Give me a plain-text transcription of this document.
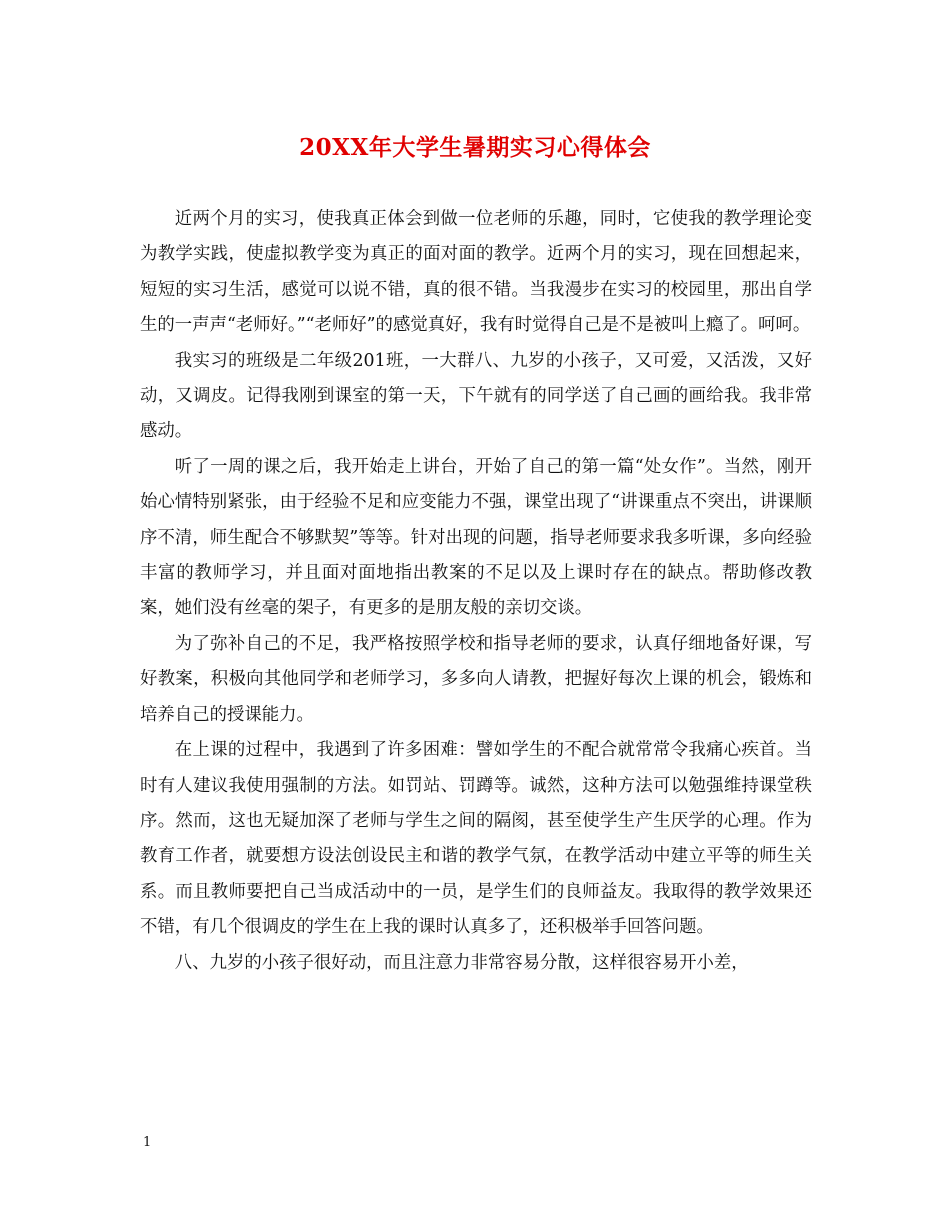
20XX年大学生暑期实习心得体会

近两个月的实习，使我真正体会到做一位老师的乐趣，同时，它使我的教学理论变为教学实践，使虚拟教学变为真正的面对面的教学。近两个月的实习，现在回想起来，短短的实习生活，感觉可以说不错，真的很不错。当我漫步在实习的校园里，那出自学生的一声声“老师好。”“老师好”的感觉真好，我有时觉得自己是不是被叫上瘾了。呵呵。

我实习的班级是二年级201班，一大群八、九岁的小孩子，又可爱，又活泼，又好动，又调皮。记得我刚到课室的第一天，下午就有的同学送了自己画的画给我。我非常感动。

听了一周的课之后，我开始走上讲台，开始了自己的第一篇“处女作”。当然，刚开始心情特别紧张，由于经验不足和应变能力不强，课堂出现了“讲课重点不突出，讲课顺序不清，师生配合不够默契”等等。针对出现的问题，指导老师要求我多听课，多向经验丰富的教师学习，并且面对面地指出教案的不足以及上课时存在的缺点。帮助修改教案，她们没有丝毫的架子，有更多的是朋友般的亲切交谈。

为了弥补自己的不足，我严格按照学校和指导老师的要求，认真仔细地备好课，写好教案，积极向其他同学和老师学习，多多向人请教，把握好每次上课的机会，锻炼和培养自己的授课能力。

在上课的过程中，我遇到了许多困难：譬如学生的不配合就常常令我痛心疾首。当时有人建议我使用强制的方法。如罚站、罚蹲等。诚然，这种方法可以勉强维持课堂秩序。然而，这也无疑加深了老师与学生之间的隔阂，甚至使学生产生厌学的心理。作为教育工作者，就要想方设法创设民主和谐的教学气氛，在教学活动中建立平等的师生关系。而且教师要把自己当成活动中的一员，是学生们的良师益友。我取得的教学效果还不错，有几个很调皮的学生在上我的课时认真多了，还积极举手回答问题。

八、九岁的小孩子很好动，而且注意力非常容易分散，这样很容易开小差，

1
